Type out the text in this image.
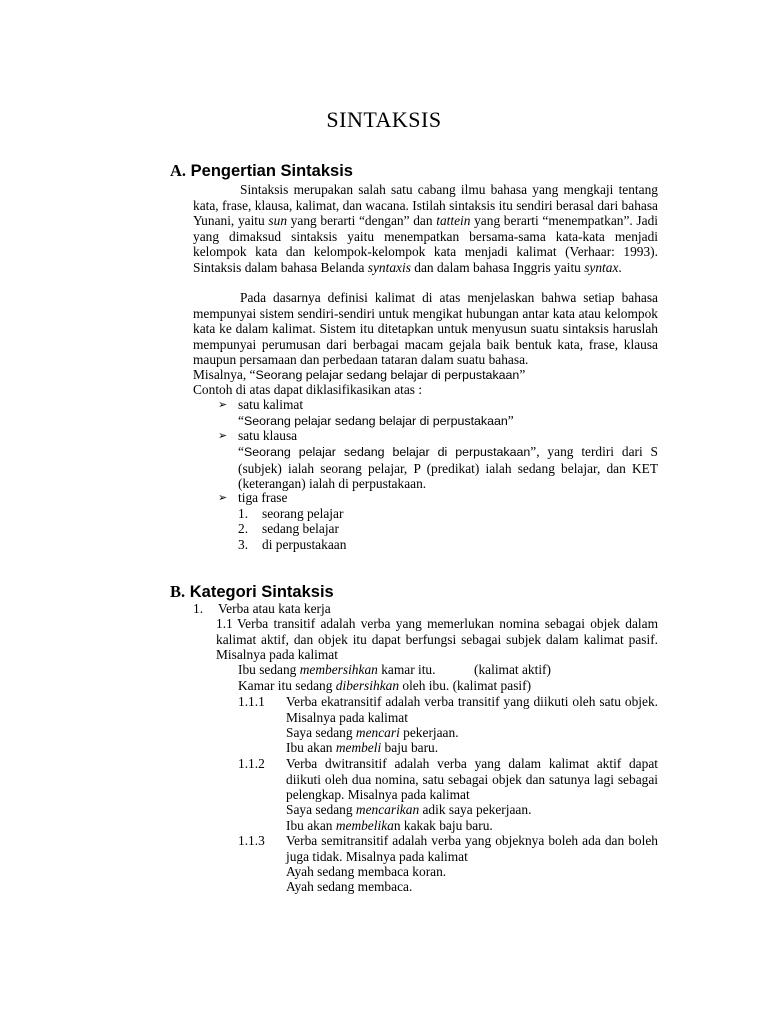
SINTAKSIS
A. Pengertian Sintaksis
Sintaksis merupakan salah satu cabang ilmu bahasa yang mengkaji tentang kata, frase, klausa, kalimat, dan wacana. Istilah sintaksis itu sendiri berasal dari bahasa Yunani, yaitu sun yang berarti “dengan” dan tattein yang berarti “menempatkan”. Jadi yang dimaksud sintaksis yaitu menempatkan bersama-sama kata-kata menjadi kelompok kata dan kelompok-kelompok kata menjadi kalimat (Verhaar: 1993). Sintaksis dalam bahasa Belanda syntaxis dan dalam bahasa Inggris yaitu syntax.
Pada dasarnya definisi kalimat di atas menjelaskan bahwa setiap bahasa mempunyai sistem sendiri-sendiri untuk mengikat hubungan antar kata atau kelompok kata ke dalam kalimat. Sistem itu ditetapkan untuk menyusun suatu sintaksis haruslah mempunyai perumusan dari berbagai macam gejala baik bentuk kata, frase, klausa maupun persamaan dan perbedaan tataran dalam suatu bahasa.
Misalnya, “Seorang pelajar sedang belajar di perpustakaan”
Contoh di atas dapat diklasifikasikan atas :
➢ satu kalimat
“Seorang pelajar sedang belajar di perpustakaan”
➢ satu klausa
“Seorang pelajar sedang belajar di perpustakaan”, yang terdiri dari S (subjek) ialah seorang pelajar, P (predikat) ialah sedang belajar, dan KET (keterangan) ialah di perpustakaan.
➢ tiga frase
1. seorang pelajar
2. sedang belajar
3. di perpustakaan
B. Kategori Sintaksis
1. Verba atau kata kerja
1.1 Verba transitif adalah verba yang memerlukan nomina sebagai objek dalam kalimat aktif, dan objek itu dapat berfungsi sebagai subjek dalam kalimat pasif. Misalnya pada kalimat
Ibu sedang membersihkan kamar itu.	(kalimat aktif)
Kamar itu sedang dibersihkan oleh ibu. (kalimat pasif)
1.1.1 Verba ekatransitif adalah verba transitif yang diikuti oleh satu objek. Misalnya pada kalimat
Saya sedang mencari pekerjaan.
Ibu akan membeli baju baru.
1.1.2 Verba dwitransitif adalah verba yang dalam kalimat aktif dapat diikuti oleh dua nomina, satu sebagai objek dan satunya lagi sebagai pelengkap. Misalnya pada kalimat
Saya sedang mencarikan adik saya pekerjaan.
Ibu akan membelikan kakak baju baru.
1.1.3 Verba semitransitif adalah verba yang objeknya boleh ada dan boleh juga tidak. Misalnya pada kalimat
Ayah sedang membaca koran.
Ayah sedang membaca.
